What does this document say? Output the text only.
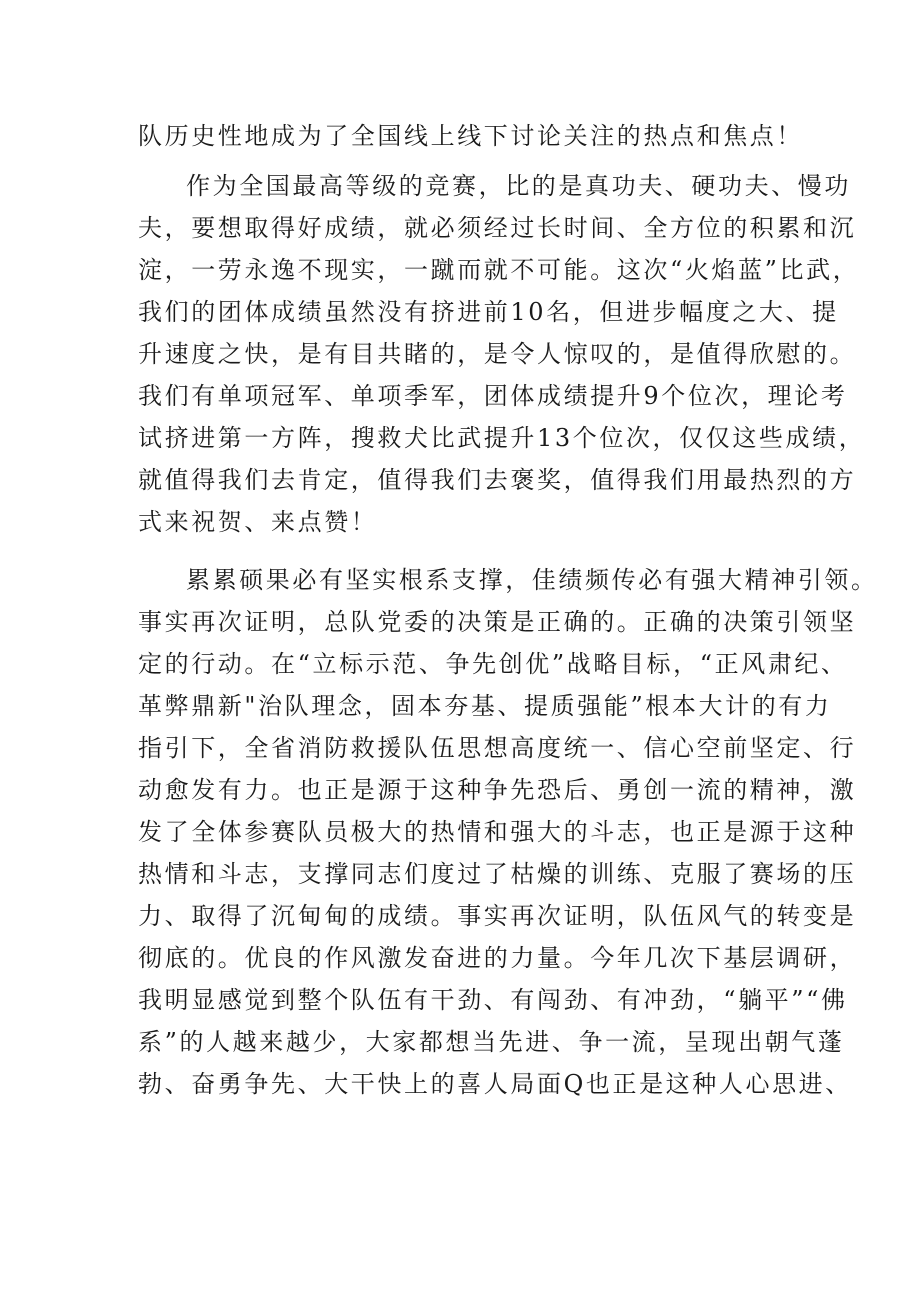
队历史性地成为了全国线上线下讨论关注的热点和焦点！
作为全国最高等级的竞赛，比的是真功夫、硬功夫、慢功
夫，要想取得好成绩，就必须经过长时间、全方位的积累和沉
淀，一劳永逸不现实，一蹴而就不可能。这次“火焰蓝”比武，
我们的团体成绩虽然没有挤进前10名，但进步幅度之大、提
升速度之快，是有目共睹的，是令人惊叹的，是值得欣慰的。
我们有单项冠军、单项季军，团体成绩提升9个位次，理论考
试挤进第一方阵，搜救犬比武提升13个位次，仅仅这些成绩，
就值得我们去肯定，值得我们去褒奖，值得我们用最热烈的方
式来祝贺、来点赞！
累累硕果必有坚实根系支撑，佳绩频传必有强大精神引领。
事实再次证明，总队党委的决策是正确的。正确的决策引领坚
定的行动。在“立标示范、争先创优”战略目标，“正风肃纪、
革弊鼎新"治队理念，固本夯基、提质强能”根本大计的有力
指引下，全省消防救援队伍思想高度统一、信心空前坚定、行
动愈发有力。也正是源于这种争先恐后、勇创一流的精神，激
发了全体参赛队员极大的热情和强大的斗志，也正是源于这种
热情和斗志，支撑同志们度过了枯燥的训练、克服了赛场的压
力、取得了沉甸甸的成绩。事实再次证明，队伍风气的转变是
彻底的。优良的作风激发奋进的力量。今年几次下基层调研，
我明显感觉到整个队伍有干劲、有闯劲、有冲劲，“躺平”“佛
系”的人越来越少，大家都想当先进、争一流，呈现出朝气蓬
勃、奋勇争先、大干快上的喜人局面Q也正是这种人心思进、
